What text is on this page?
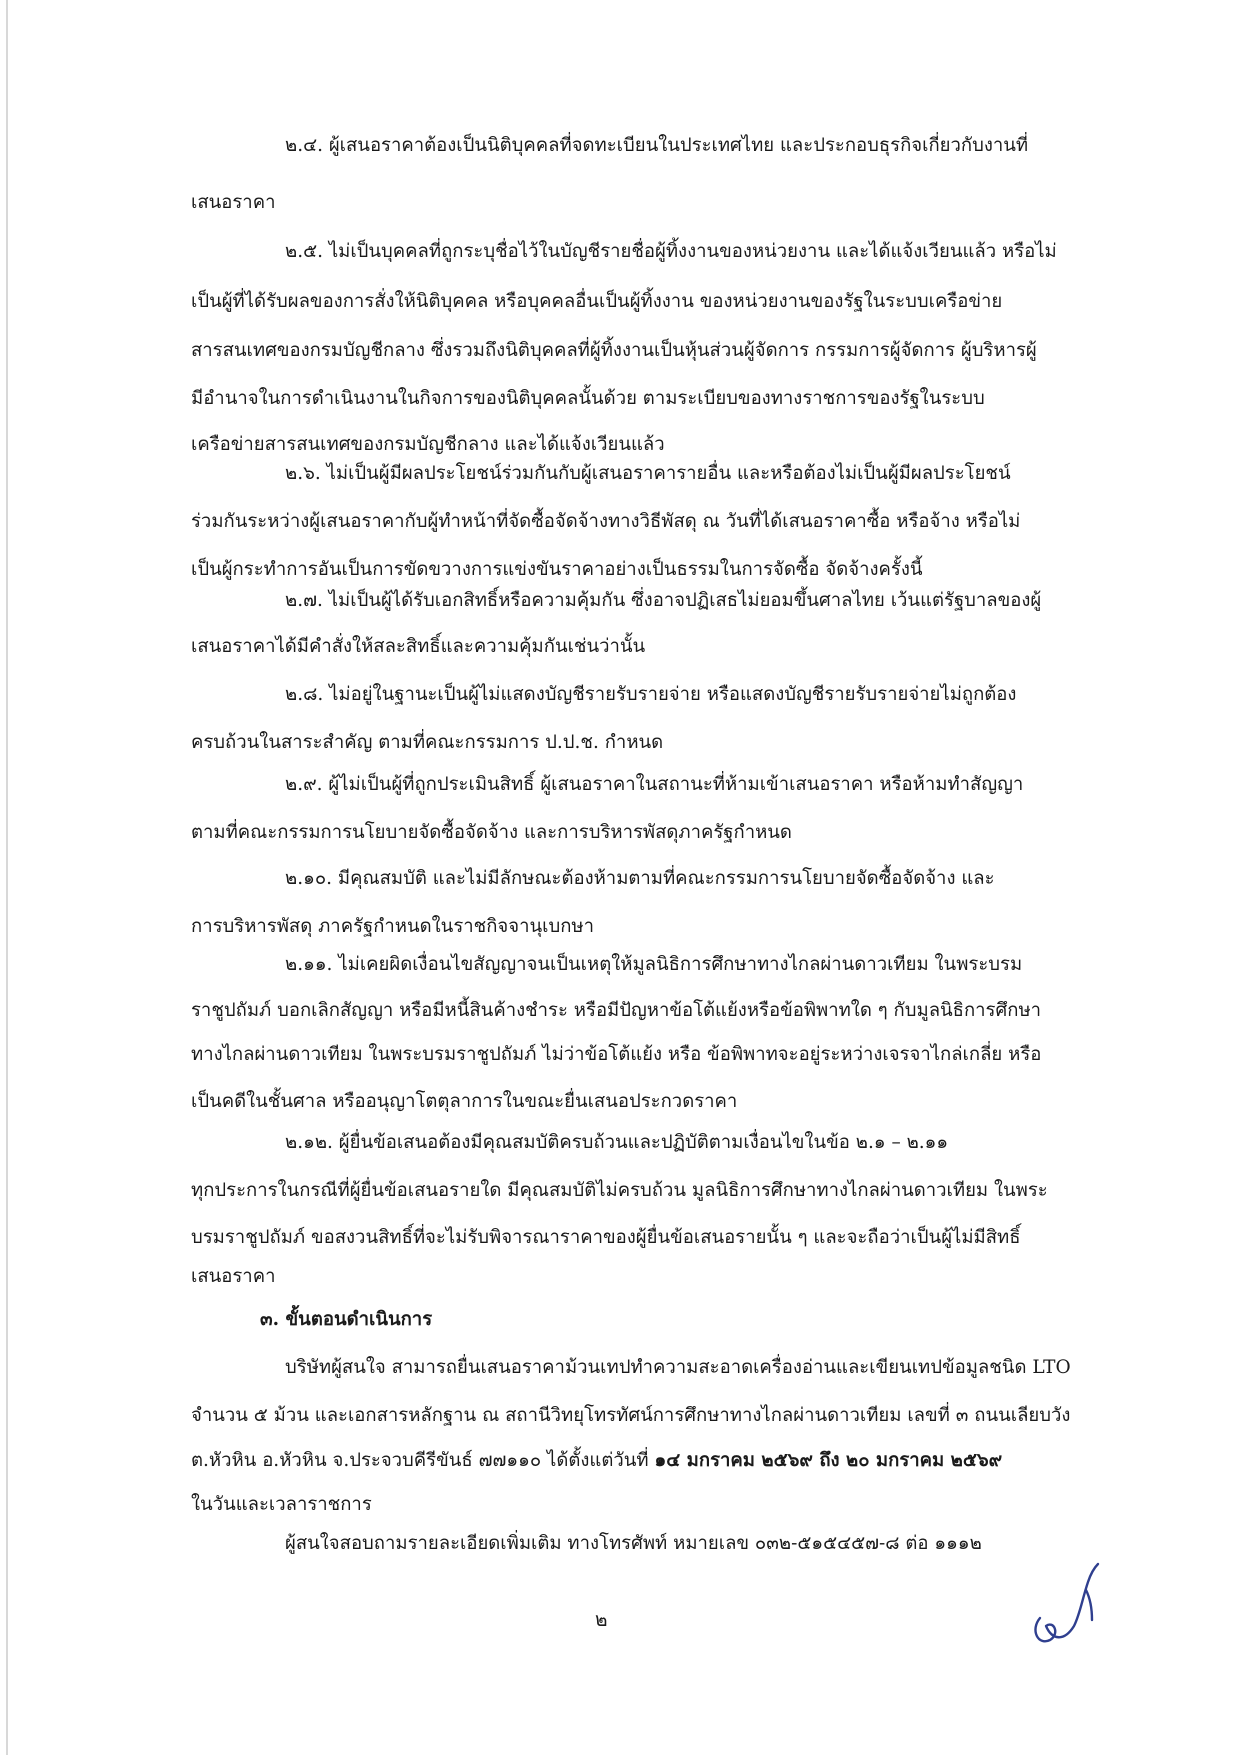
๒.๔. ผู้เสนอราคาต้องเป็นนิติบุคคลที่จดทะเบียนในประเทศไทย และประกอบธุรกิจเกี่ยวกับงานที่
เสนอราคา
๒.๕. ไม่เป็นบุคคลที่ถูกระบุชื่อไว้ในบัญชีรายชื่อผู้ทิ้งงานของหน่วยงาน และได้แจ้งเวียนแล้ว หรือไม่
เป็นผู้ที่ได้รับผลของการสั่งให้นิติบุคคล หรือบุคคลอื่นเป็นผู้ทิ้งงาน ของหน่วยงานของรัฐในระบบเครือข่าย
สารสนเทศของกรมบัญชีกลาง ซึ่งรวมถึงนิติบุคคลที่ผู้ทิ้งงานเป็นหุ้นส่วนผู้จัดการ กรรมการผู้จัดการ ผู้บริหารผู้
มีอำนาจในการดำเนินงานในกิจการของนิติบุคคลนั้นด้วย ตามระเบียบของทางราชการของรัฐในระบบ
เครือข่ายสารสนเทศของกรมบัญชีกลาง และได้แจ้งเวียนแล้ว
๒.๖. ไม่เป็นผู้มีผลประโยชน์ร่วมกันกับผู้เสนอราคารายอื่น และหรือต้องไม่เป็นผู้มีผลประโยชน์
ร่วมกันระหว่างผู้เสนอราคากับผู้ทำหน้าที่จัดซื้อจัดจ้างทางวิธีพัสดุ ณ วันที่ได้เสนอราคาซื้อ หรือจ้าง หรือไม่
เป็นผู้กระทำการอันเป็นการขัดขวางการแข่งขันราคาอย่างเป็นธรรมในการจัดซื้อ จัดจ้างครั้งนี้
๒.๗. ไม่เป็นผู้ได้รับเอกสิทธิ์หรือความคุ้มกัน ซึ่งอาจปฏิเสธไม่ยอมขึ้นศาลไทย เว้นแต่รัฐบาลของผู้
เสนอราคาได้มีคำสั่งให้สละสิทธิ์และความคุ้มกันเช่นว่านั้น
๒.๘. ไม่อยู่ในฐานะเป็นผู้ไม่แสดงบัญชีรายรับรายจ่าย หรือแสดงบัญชีรายรับรายจ่ายไม่ถูกต้อง
ครบถ้วนในสาระสำคัญ ตามที่คณะกรรมการ ป.ป.ช. กำหนด
๒.๙. ผู้ไม่เป็นผู้ที่ถูกประเมินสิทธิ์ ผู้เสนอราคาในสถานะที่ห้ามเข้าเสนอราคา หรือห้ามทำสัญญา
ตามที่คณะกรรมการนโยบายจัดซื้อจัดจ้าง และการบริหารพัสดุภาครัฐกำหนด
๒.๑๐. มีคุณสมบัติ และไม่มีลักษณะต้องห้ามตามที่คณะกรรมการนโยบายจัดซื้อจัดจ้าง และ
การบริหารพัสดุ ภาครัฐกำหนดในราชกิจจานุเบกษา
๒.๑๑. ไม่เคยผิดเงื่อนไขสัญญาจนเป็นเหตุให้มูลนิธิการศึกษาทางไกลผ่านดาวเทียม ในพระบรม
ราชูปถัมภ์ บอกเลิกสัญญา หรือมีหนี้สินค้างชำระ หรือมีปัญหาข้อโต้แย้งหรือข้อพิพาทใด ๆ กับมูลนิธิการศึกษา
ทางไกลผ่านดาวเทียม ในพระบรมราชูปถัมภ์ ไม่ว่าข้อโต้แย้ง หรือ ข้อพิพาทจะอยู่ระหว่างเจรจาไกล่เกลี่ย หรือ
เป็นคดีในชั้นศาล หรืออนุญาโตตุลาการในขณะยื่นเสนอประกวดราคา
๒.๑๒. ผู้ยื่นข้อเสนอต้องมีคุณสมบัติครบถ้วนและปฏิบัติตามเงื่อนไขในข้อ ๒.๑ – ๒.๑๑
ทุกประการในกรณีที่ผู้ยื่นข้อเสนอรายใด มีคุณสมบัติไม่ครบถ้วน มูลนิธิการศึกษาทางไกลผ่านดาวเทียม ในพระ
บรมราชูปถัมภ์ ขอสงวนสิทธิ์ที่จะไม่รับพิจารณาราคาของผู้ยื่นข้อเสนอรายนั้น ๆ และจะถือว่าเป็นผู้ไม่มีสิทธิ์
เสนอราคา
๓. ขั้นตอนดำเนินการ
บริษัทผู้สนใจ สามารถยื่นเสนอราคาม้วนเทปทำความสะอาดเครื่องอ่านและเขียนเทปข้อมูลชนิด LTO
จำนวน ๕ ม้วน และเอกสารหลักฐาน ณ สถานีวิทยุโทรทัศน์การศึกษาทางไกลผ่านดาวเทียม เลขที่ ๓ ถนนเลียบวัง
ต.หัวหิน อ.หัวหิน จ.ประจวบคีรีขันธ์ ๗๗๑๑๐ ได้ตั้งแต่วันที่ ๑๔ มกราคม ๒๕๖๙ ถึง ๒๐ มกราคม ๒๕๖๙
ในวันและเวลาราชการ
ผู้สนใจสอบถามรายละเอียดเพิ่มเติม ทางโทรศัพท์ หมายเลข ๐๓๒-๕๑๕๔๕๗-๘ ต่อ ๑๑๑๒
๒
